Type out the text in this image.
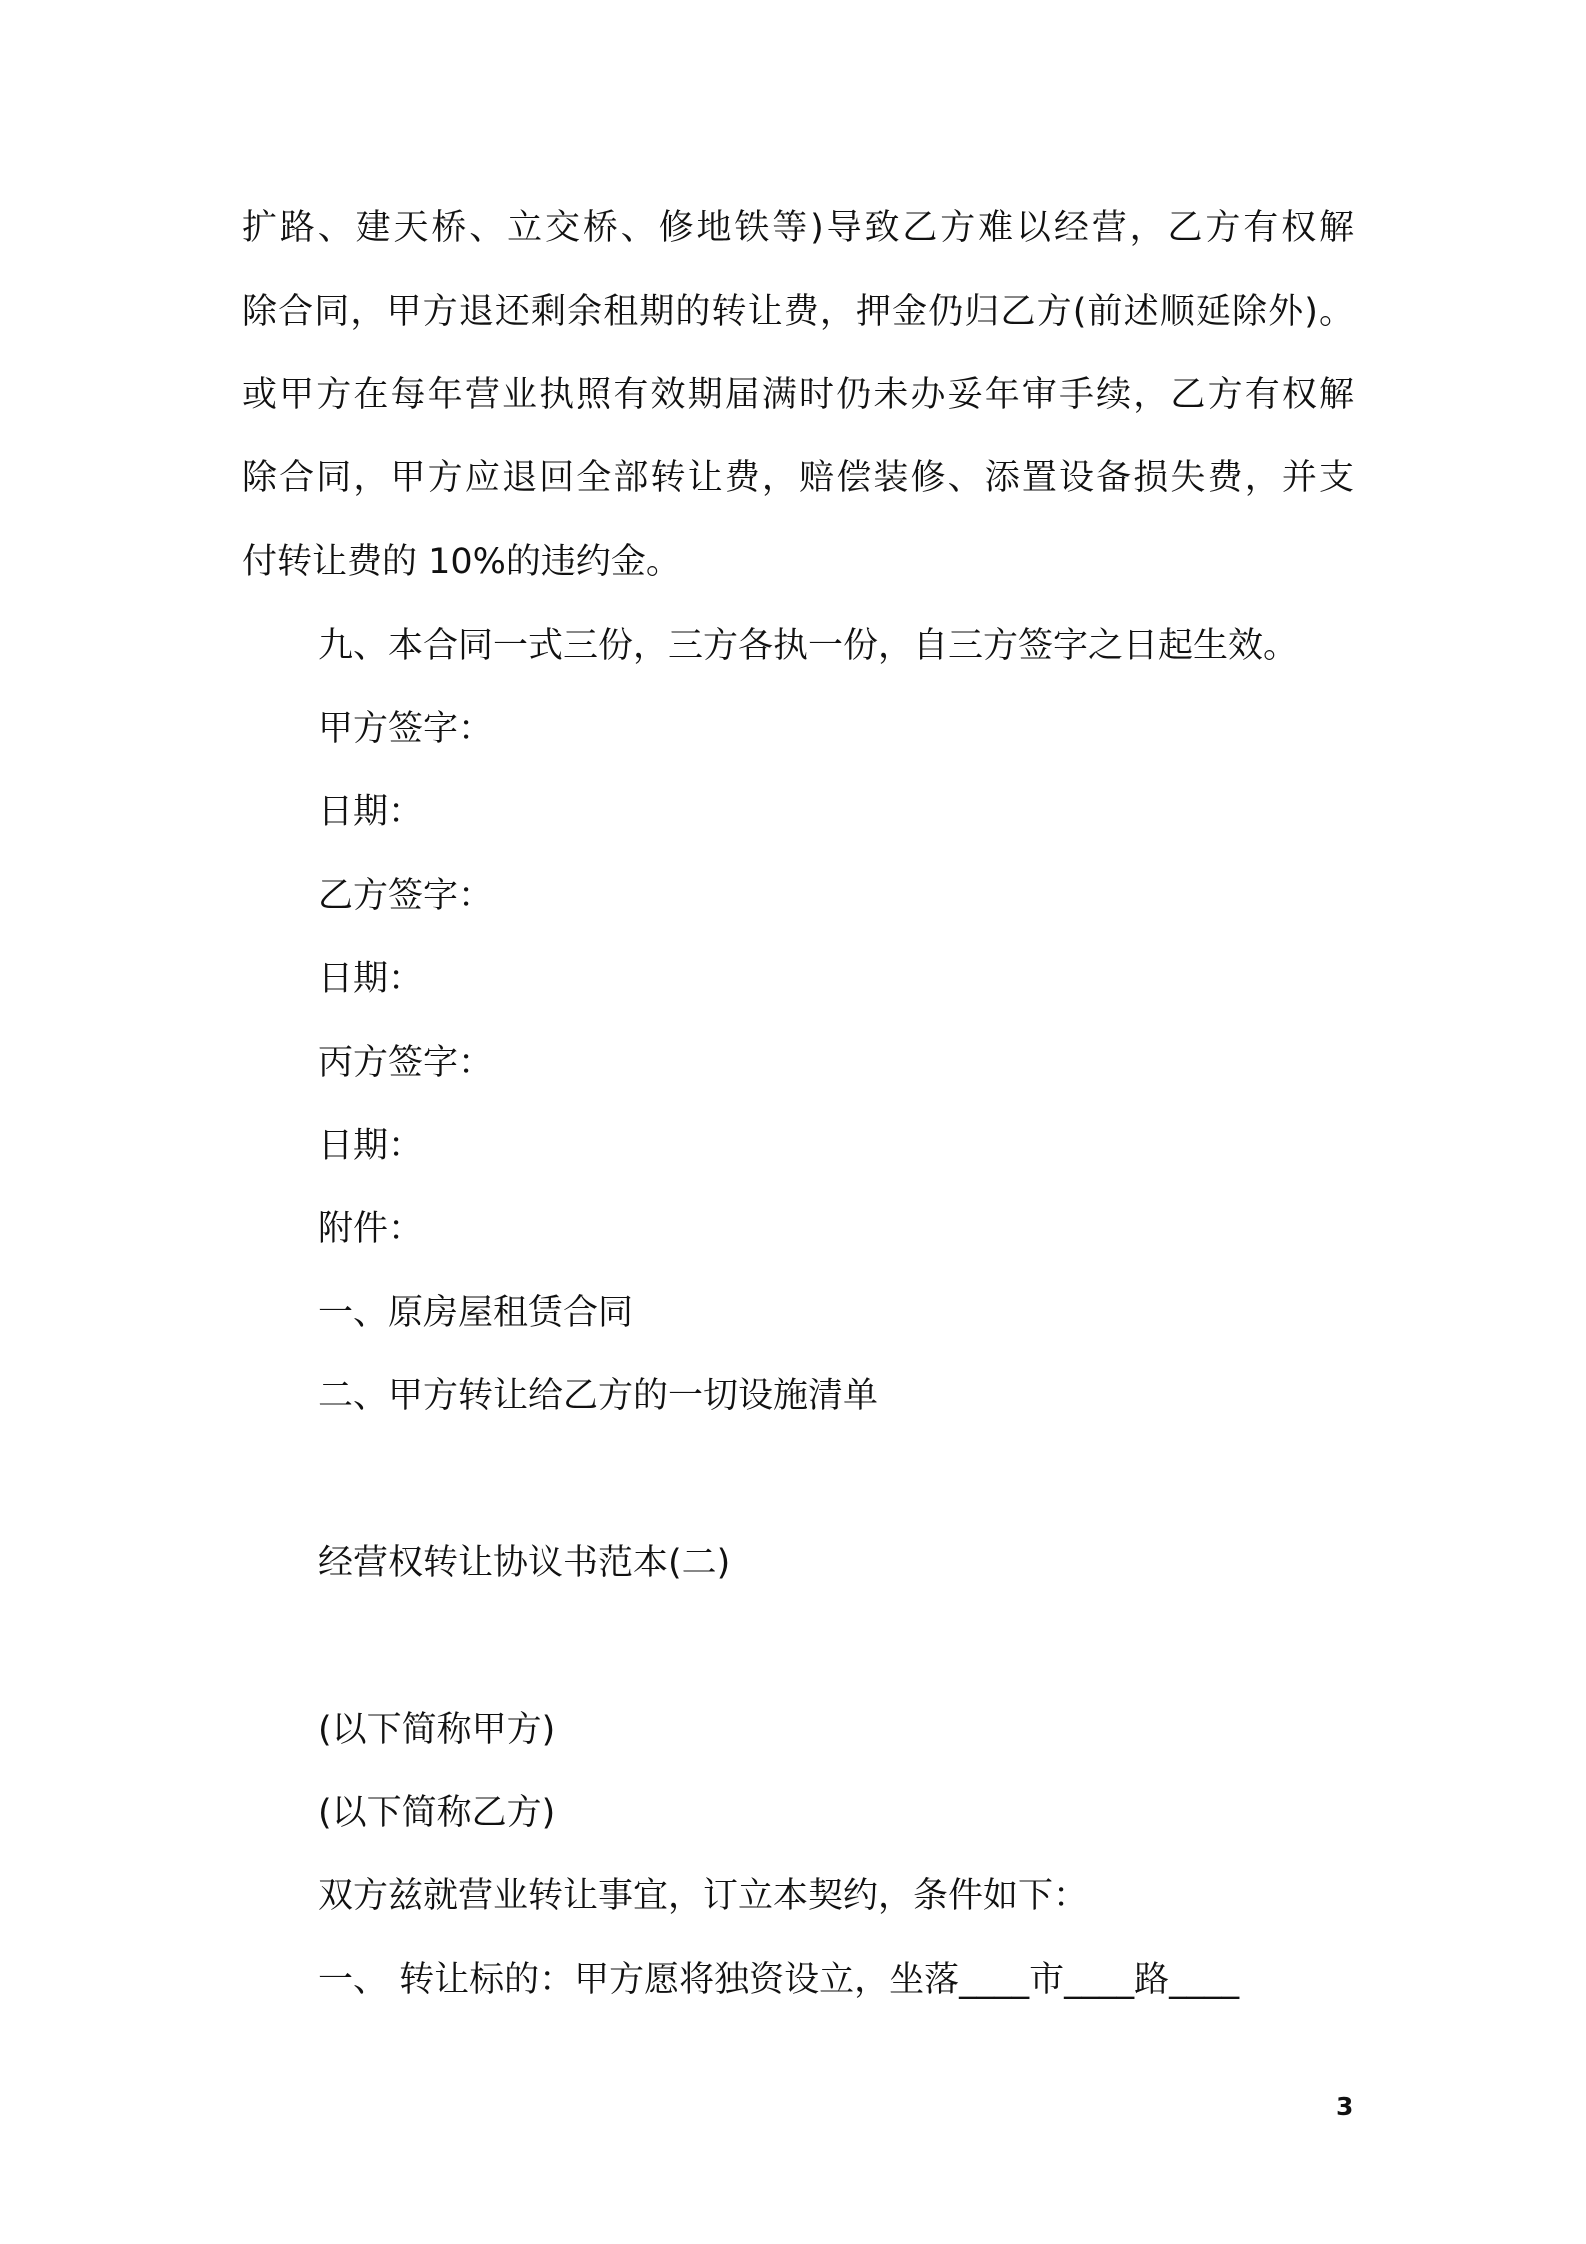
扩路、建天桥、立交桥、修地铁等)导致乙方难以经营，乙方有权解
除合同，甲方退还剩余租期的转让费，押金仍归乙方(前述顺延除外)。
或甲方在每年营业执照有效期届满时仍未办妥年审手续，乙方有权解
除合同，甲方应退回全部转让费，赔偿装修、添置设备损失费，并支
付转让费的 10%的违约金。
九、本合同一式三份，三方各执一份，自三方签字之日起生效。
甲方签字：
日期：
乙方签字：
日期：
丙方签字：
日期：
附件：
一、原房屋租赁合同
二、甲方转让给乙方的一切设施清单
经营权转让协议书范本(二)
(以下简称甲方)
(以下简称乙方)
双方兹就营业转让事宜，订立本契约，条件如下：
一、 转让标的：甲方愿将独资设立，坐落____市____路____
3
